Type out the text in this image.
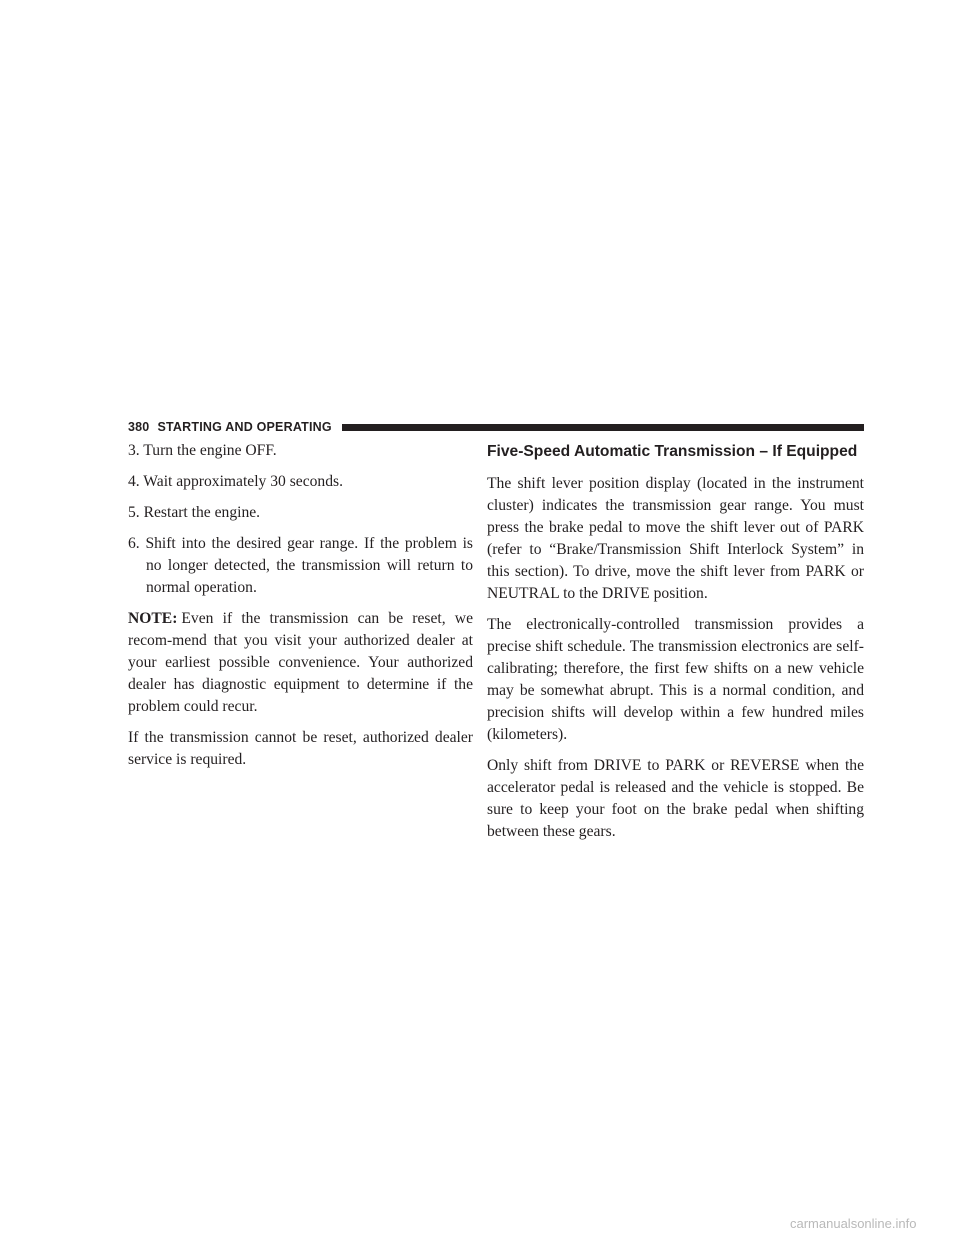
380 STARTING AND OPERATING

3. Turn the engine OFF.

4. Wait approximately 30 seconds.

5. Restart the engine.

6. Shift into the desired gear range. If the problem is no longer detected, the transmission will return to normal operation.

NOTE: Even if the transmission can be reset, we recom-mend that you visit your authorized dealer at your earliest possible convenience. Your authorized dealer has diagnostic equipment to determine if the problem could recur.

If the transmission cannot be reset, authorized dealer service is required.

Five-Speed Automatic Transmission – If Equipped

The shift lever position display (located in the instrument cluster) indicates the transmission gear range. You must press the brake pedal to move the shift lever out of PARK (refer to “Brake/Transmission Shift Interlock System” in this section). To drive, move the shift lever from PARK or NEUTRAL to the DRIVE position.

The electronically-controlled transmission provides a precise shift schedule. The transmission electronics are self-calibrating; therefore, the first few shifts on a new vehicle may be somewhat abrupt. This is a normal condition, and precision shifts will develop within a few hundred miles (kilometers).

Only shift from DRIVE to PARK or REVERSE when the accelerator pedal is released and the vehicle is stopped. Be sure to keep your foot on the brake pedal when shifting between these gears.

carmanualsonline.info
